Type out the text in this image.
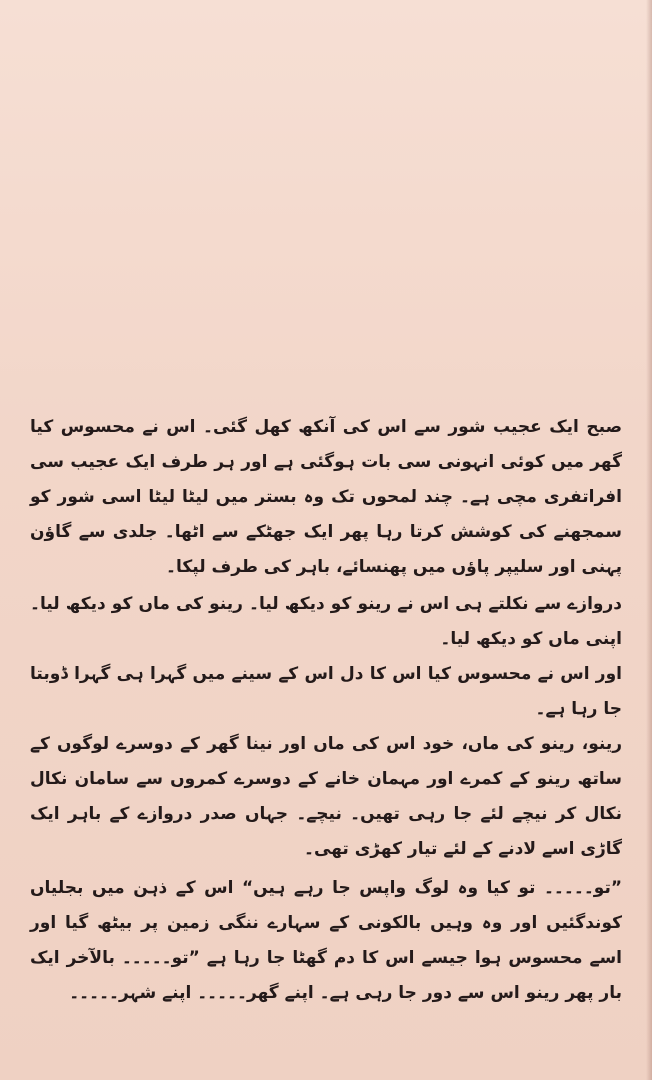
صبح ایک عجیب شور سے اس کی آنکھ کھل گئی۔ اس نے محسوس کیا گھر میں کوئی انہونی سی بات ہوگئی ہے اور ہر طرف ایک عجیب سی افراتفری مچی ہے۔ چند لمحوں تک وہ بستر میں لیٹا لیٹا اسی شور کو سمجھنے کی کوشش کرتا رہا پھر ایک جھٹکے سے اٹھا۔ جلدی سے گاؤن پہنی اور سلیپر پاؤں میں پھنسائے، باہر کی طرف لپکا۔

دروازے سے نکلتے ہی اس نے رینو کو دیکھ لیا۔ رینو کی ماں کو دیکھ لیا۔ اپنی ماں کو دیکھ لیا۔

اور اس نے محسوس کیا اس کا دل اس کے سینے میں گہرا ہی گہرا ڈوبتا جا رہا ہے۔

رینو، رینو کی ماں، خود اس کی ماں اور نینا گھر کے دوسرے لوگوں کے ساتھ رینو کے کمرے اور مہمان خانے کے دوسرے کمروں سے سامان نکال نکال کر نیچے لئے جا رہی تھیں۔ نیچے۔ جہاں صدر دروازے کے باہر ایک گاڑی اسے لادنے کے لئے تیار کھڑی تھی۔

”تو۔۔۔۔۔ تو کیا وہ لوگ واپس جا رہے ہیں“ اس کے ذہن میں بجلیاں کوندگئیں اور وہ وہیں بالکونی کے سہارے ننگی زمین پر بیٹھ گیا اور اسے محسوس ہوا جیسے اس کا دم گھٹا جا رہا ہے ”تو۔۔۔۔۔ بالآخر ایک بار پھر رینو اس سے دور جا رہی ہے۔ اپنے گھر۔۔۔۔۔ اپنے شہر۔۔۔۔۔
